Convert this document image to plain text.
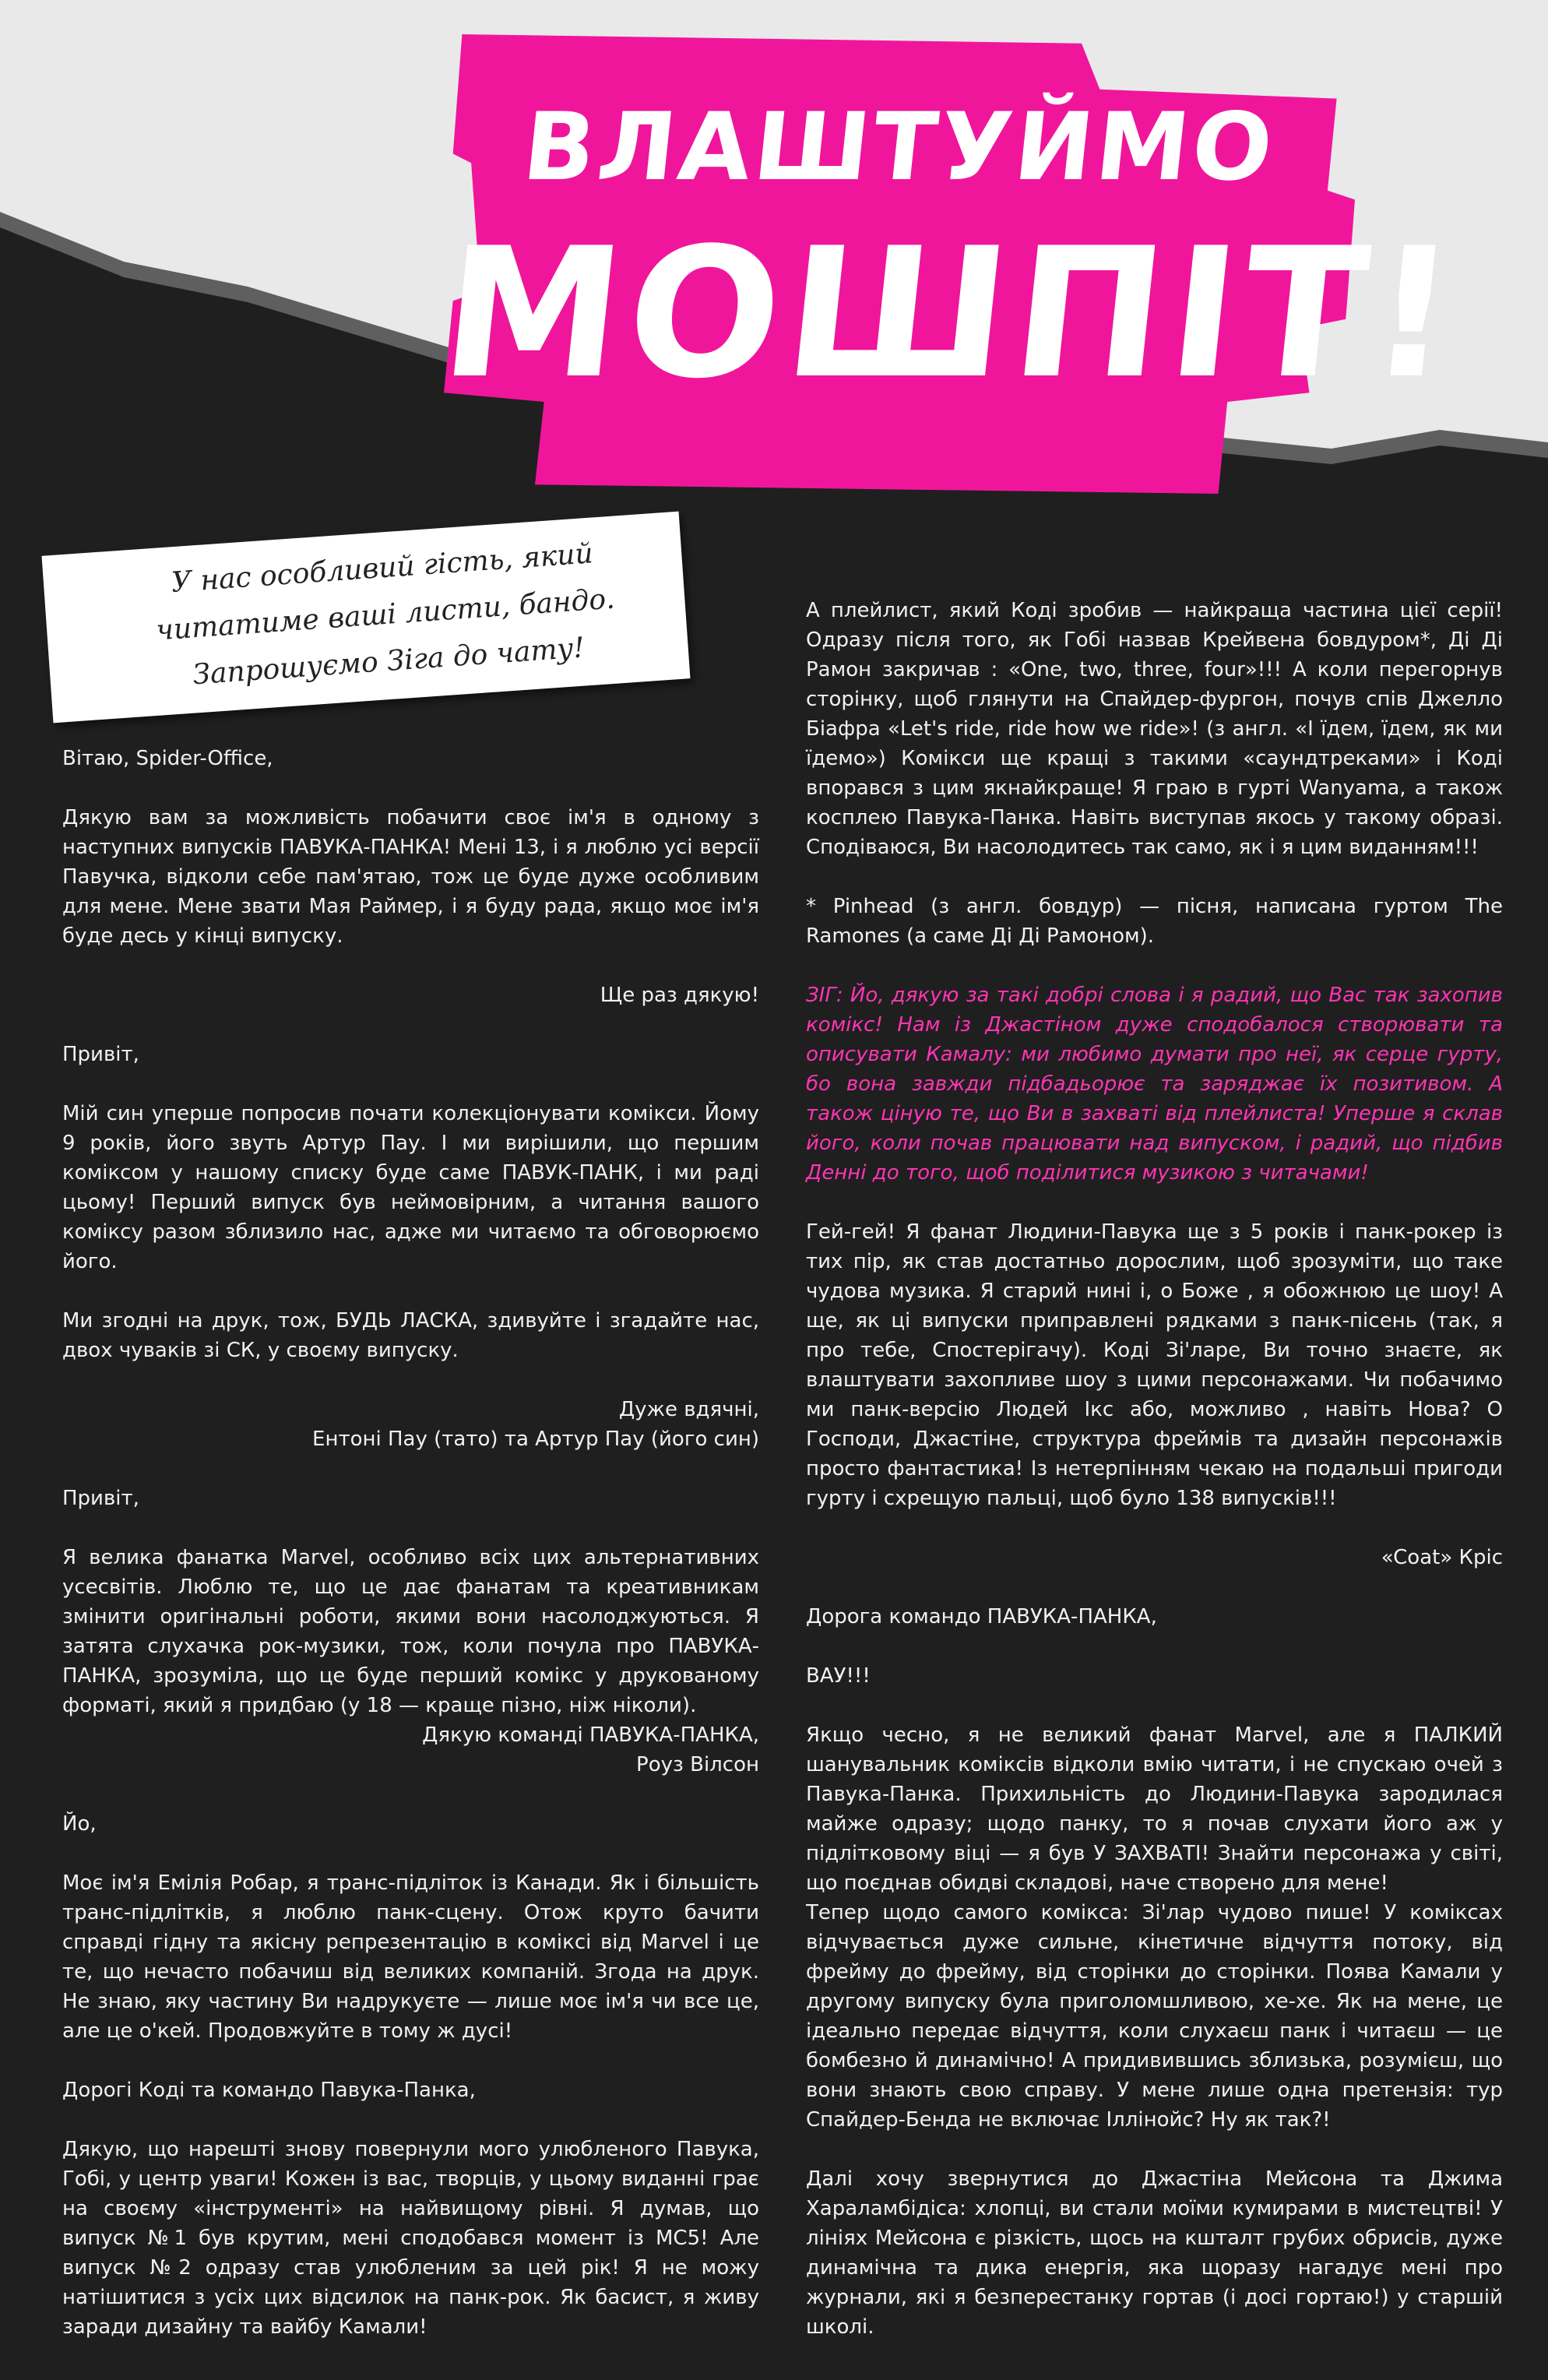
ВЛАШТУЙМО
МОШПІТ!
У нас особливий гість, який
читатиме ваші листи, бандо.
Запрошуємо Зіга до чату!

Вітаю, Spider-Office,

Дякую вам за можливість побачити своє ім'я в одному з наступних випусків ПАВУКА-ПАНКА! Мені 13, і я люблю усі версії Павучка, відколи себе пам'ятаю, тож це буде дуже особливим для мене. Мене звати Мая Раймер, і я буду рада, якщо моє ім'я буде десь у кінці випуску.

Ще раз дякую!

Привіт,

Мій син уперше попросив почати колекціонувати комікси. Йому 9 років, його звуть Артур Пау. І ми вирішили, що першим коміксом у нашому списку буде саме ПАВУК-ПАНК, і ми раді цьому! Перший випуск був неймовірним, а читання вашого коміксу разом зблизило нас, адже ми читаємо та обговорюємо його.

Ми згодні на друк, тож, БУДЬ ЛАСКА, здивуйте і згадайте нас, двох чуваків зі СК, у своєму випуску.

Дуже вдячні,

Ентоні Пау (тато) та Артур Пау (його син)

Привіт,

Я велика фанатка Marvel, особливо всіх цих альтернативних усесвітів. Люблю те, що це дає фанатам та креативникам змінити оригінальні роботи, якими вони насолоджуються. Я затята слухачка рок-музики, тож, коли почула про ПАВУКА-ПАНКА, зрозуміла, що це буде перший комікс у друкованому форматі, який я придбаю (у 18 — краще пізно, ніж ніколи).

Дякую команді ПАВУКА-ПАНКА,

Роуз Вілсон

Йо,

Моє ім'я Емілія Робар, я транс-підліток із Канади. Як і більшість транс-підлітків, я люблю панк-сцену. Отож круто бачити справді гідну та якісну репрезентацію в коміксі від Marvel і це те, що нечасто побачиш від великих компаній. Згода на друк. Не знаю, яку частину Ви надрукуєте — лише моє ім'я чи все це, але це о'кей. Продовжуйте в тому ж дусі!

Дорогі Коді та командо Павука-Панка,

Дякую, що нарешті знову повернули мого улюбленого Павука, Гобі, у центр уваги! Кожен із вас, творців, у цьому виданні грає на своєму «інструменті» на найвищому рівні. Я думав, що випуск №1 був крутим, мені сподобався момент із MC5! Але випуск №2 одразу став улюбленим за цей рік! Я не можу натішитися з усіх цих відсилок на панк-рок. Як басист, я живу заради дизайну та вайбу Камали!

А плейлист, який Коді зробив — найкраща частина цієї серії! Одразу після того, як Гобі назвав Крейвена бовдуром*, Ді Ді Рамон закричав : «One, two, three, four»!!! А коли перегорнув сторінку, щоб глянути на Спайдер-фургон, почув спів Джелло Біафра «Let's ride, ride how we ride»! (з англ. «І їдем, їдем, як ми їдемо») Комікси ще кращі з такими «саундтреками» і Коді впорався з цим якнайкраще! Я граю в гурті Wanyama, а також косплею Павука-Панка. Навіть виступав якось у такому образі. Сподіваюся, Ви насолодитесь так само, як і я цим виданням!!!

* Pinhead (з англ. бовдур) — пісня, написана гуртом The Ramones (а саме Ді Ді Рамоном).

ЗІГ: Йо, дякую за такі добрі слова і я радий, що Вас так захопив комікс! Нам із Джастіном дуже сподобалося створювати та описувати Камалу: ми любимо думати про неї, як серце гурту, бо вона завжди підбадьорює та заряджає їх позитивом. А також ціную те, що Ви в захваті від плейлиста! Уперше я склав його, коли почав працювати над випуском, і радий, що підбив Денні до того, щоб поділитися музикою з читачами!

Гей-гей! Я фанат Людини-Павука ще з 5 років і панк-рокер із тих пір, як став достатньо дорослим, щоб зрозуміти, що таке чудова музика. Я старий нині і, о Боже , я обожнюю це шоу! А ще, як ці випуски приправлені рядками з панк-пісень (так, я про тебе, Спостерігачу). Коді Зі'ларе, Ви точно знаєте, як влаштувати захопливе шоу з цими персонажами. Чи побачимо ми панк-версію Людей Ікс або, можливо , навіть Нова? О Господи, Джастіне, структура фреймів та дизайн персонажів просто фантастика! Із нетерпінням чекаю на подальші пригоди гурту і схрещую пальці, щоб було 138 випусків!!!

«Coat» Кріс

Дорога командо ПАВУКА-ПАНКА,

ВАУ!!!

Якщо чесно, я не великий фанат Marvel, але я ПАЛКИЙ шанувальник коміксів відколи вмію читати, і не спускаю очей з Павука-Панка. Прихильність до Людини-Павука зародилася майже одразу; щодо панку, то я почав слухати його аж у підлітковому віці — я був У ЗАХВАТІ! Знайти персонажа у світі, що поєднав обидві складові, наче створено для мене!

Тепер щодо самого комікса: Зі'лар чудово пише! У коміксах відчувається дуже сильне, кінетичне відчуття потоку, від фрейму до фрейму, від сторінки до сторінки. Поява Камали у другому випуску була приголомшливою, хе-хе. Як на мене, це ідеально передає відчуття, коли слухаєш панк і читаєш — це бомбезно й динамічно! А придивившись зблизька, розумієш, що вони знають свою справу. У мене лише одна претензія: тур Спайдер-Бенда не включає Іллінойс? Ну як так?!

Далі хочу звернутися до Джастіна Мейсона та Джима Хараламбідіса: хлопці, ви стали моїми кумирами в мистецтві! У лініях Мейсона є різкість, щось на кшталт грубих обрисів, дуже динамічна та дика енергія, яка щоразу нагадує мені про журнали, які я безперестанку гортав (і досі гортаю!) у старшій школі.
